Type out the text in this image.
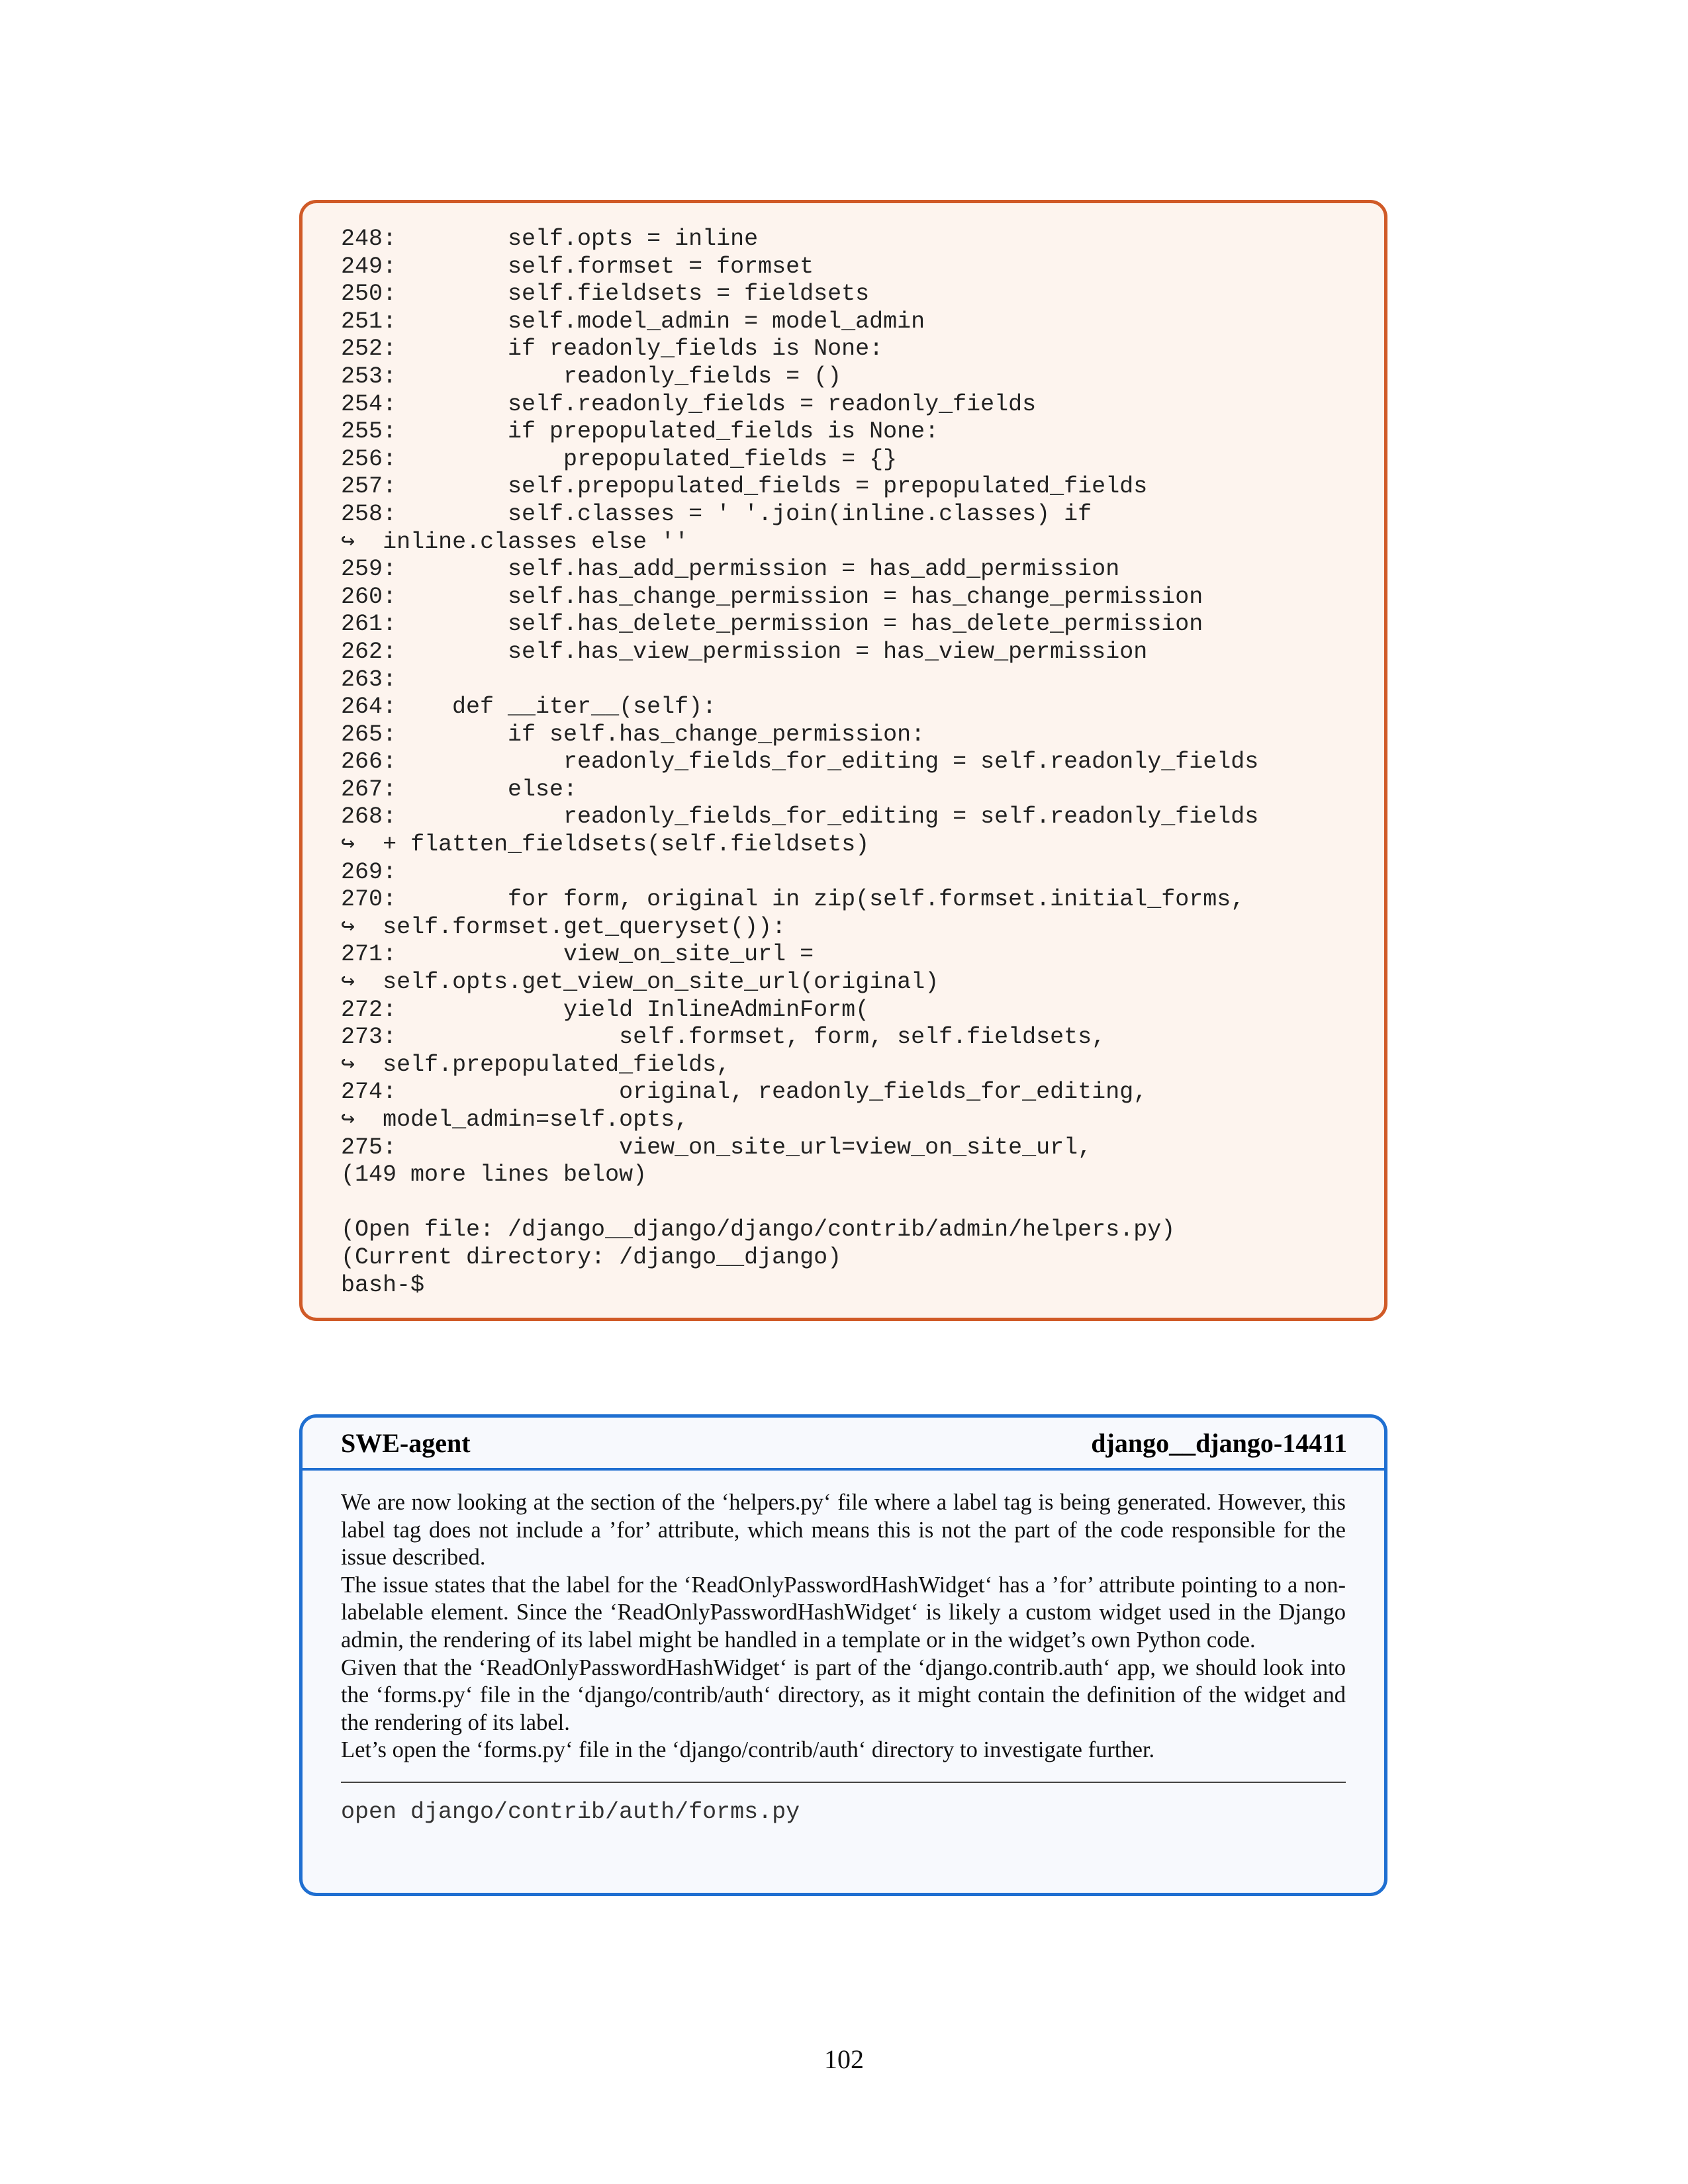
248:        self.opts = inline
249:        self.formset = formset
250:        self.fieldsets = fieldsets
251:        self.model_admin = model_admin
252:        if readonly_fields is None:
253:            readonly_fields = ()
254:        self.readonly_fields = readonly_fields
255:        if prepopulated_fields is None:
256:            prepopulated_fields = {}
257:        self.prepopulated_fields = prepopulated_fields
258:        self.classes = ' '.join(inline.classes) if
↪  inline.classes else ''
259:        self.has_add_permission = has_add_permission
260:        self.has_change_permission = has_change_permission
261:        self.has_delete_permission = has_delete_permission
262:        self.has_view_permission = has_view_permission
263:
264:    def __iter__(self):
265:        if self.has_change_permission:
266:            readonly_fields_for_editing = self.readonly_fields
267:        else:
268:            readonly_fields_for_editing = self.readonly_fields
↪  + flatten_fieldsets(self.fieldsets)
269:
270:        for form, original in zip(self.formset.initial_forms,
↪  self.formset.get_queryset()):
271:            view_on_site_url =
↪  self.opts.get_view_on_site_url(original)
272:            yield InlineAdminForm(
273:                self.formset, form, self.fieldsets,
↪  self.prepopulated_fields,
274:                original, readonly_fields_for_editing,
↪  model_admin=self.opts,
275:                view_on_site_url=view_on_site_url,
(149 more lines below)
(Open file: /django__django/django/contrib/admin/helpers.py)
(Current directory: /django__django)
bash-$
SWE-agent	django__django-14411

We are now looking at the section of the ‘helpers.py‘ file where a label tag is being generated. However, this label tag does not include a ’for’ attribute, which means this is not the part of the code responsible for the issue described.

The issue states that the label for the ‘ReadOnlyPasswordHashWidget‘ has a ’for’ attribute pointing to a non-labelable element. Since the ‘ReadOnlyPasswordHashWidget‘ is likely a custom widget used in the Django admin, the rendering of its label might be handled in a template or in the widget’s own Python code.

Given that the ‘ReadOnlyPasswordHashWidget‘ is part of the ‘django.contrib.auth‘ app, we should look into the ‘forms.py‘ file in the ‘django/contrib/auth‘ directory, as it might contain the definition of the widget and the rendering of its label.

Let’s open the ‘forms.py‘ file in the ‘django/contrib/auth‘ directory to investigate further.

open django/contrib/auth/forms.py
102
